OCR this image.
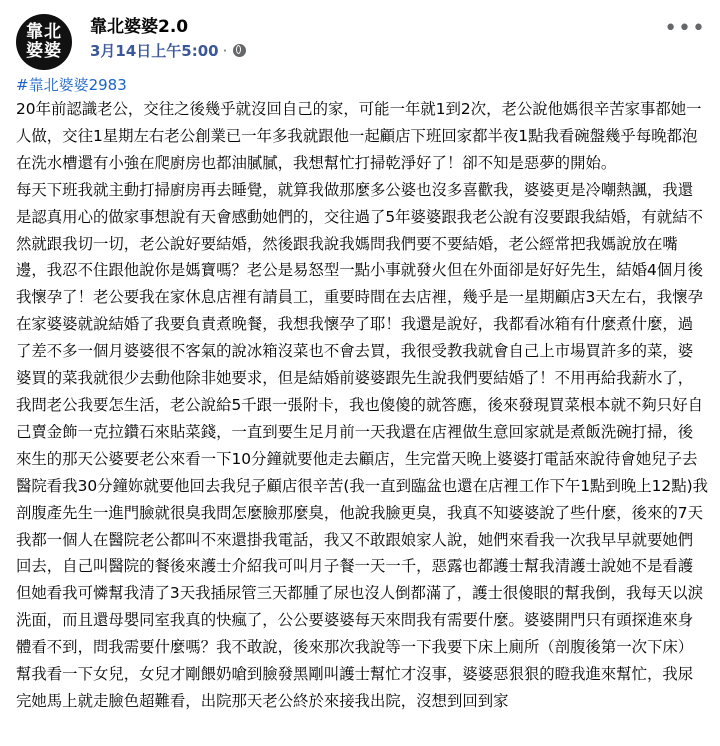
靠北
婆婆
靠北婆婆2.0
3月14日上午5:00 ·
•••
#靠北婆婆2983

20年前認識老公，交往之後幾乎就沒回自己的家，可能一年就1到2次，老公說他媽很辛苦家事都她一人做，交往1星期左右老公創業已一年多我就跟他一起顧店下班回家都半夜1點我看碗盤幾乎每晚都泡在洗水槽還有小強在爬廚房也都油膩膩，我想幫忙打掃乾淨好了！卻不知是惡夢的開始。

每天下班我就主動打掃廚房再去睡覺，就算我做那麼多公婆也沒多喜歡我，婆婆更是冷嘲熱諷，我還是認真用心的做家事想說有天會感動她們的，交往過了5年婆婆跟我老公說有沒要跟我結婚，有就結不然就跟我切一切，老公說好要結婚，然後跟我說我媽問我們要不要結婚，老公經常把我媽說放在嘴邊，我忍不住跟他說你是媽寶嗎？老公是易怒型一點小事就發火但在外面卻是好好先生，結婚4個月後我懷孕了！老公要我在家休息店裡有請員工，重要時間在去店裡，幾乎是一星期顧店3天左右，我懷孕在家婆婆就說結婚了我要負責煮晚餐，我想我懷孕了耶！我還是說好，我都看冰箱有什麼煮什麼，過了差不多一個月婆婆很不客氣的說冰箱沒菜也不會去買，我很受教我就會自己上市場買許多的菜，婆婆買的菜我就很少去動他除非她要求，但是結婚前婆婆跟先生說我們要結婚了！不用再給我薪水了，我問老公我要怎生活，老公說給5千跟一張附卡，我也傻傻的就答應，後來發現買菜根本就不夠只好自己賣金飾一克拉鑽石來貼菜錢，一直到要生足月前一天我還在店裡做生意回家就是煮飯洗碗打掃，後來生的那天公婆要老公來看一下10分鐘就要他走去顧店，生完當天晚上婆婆打電話來說待會她兒子去醫院看我30分鐘妳就要他回去我兒子顧店很辛苦(我一直到臨盆也還在店裡工作下午1點到晚上12點)我剖腹產先生一進門臉就很臭我問怎麼臉那麼臭，他說我臉更臭，我真不知婆婆說了些什麼，後來的7天我都一個人在醫院老公都叫不來還掛我電話，我又不敢跟娘家人說，她們來看我一次我早早就要她們回去，自己叫醫院的餐後來護士介紹我可叫月子餐一天一千，惡露也都護士幫我清護士說她不是看護但她看我可憐幫我清了3天我插尿管三天都腫了尿也沒人倒都滿了，護士很傻眼的幫我倒，我每天以淚洗面，而且還母嬰同室我真的快瘋了，公公要婆婆每天來問我有需要什麼。婆婆開門只有頭探進來身體看不到，問我需要什麼嗎？我不敢說，後來那次我說等一下我要下床上廁所（剖腹後第一次下床）幫我看一下女兒，女兒才剛餵奶嗆到臉發黑剛叫護士幫忙才沒事，婆婆惡狠狠的瞪我進來幫忙，我尿完她馬上就走臉色超難看，出院那天老公終於來接我出院，沒想到回到家
